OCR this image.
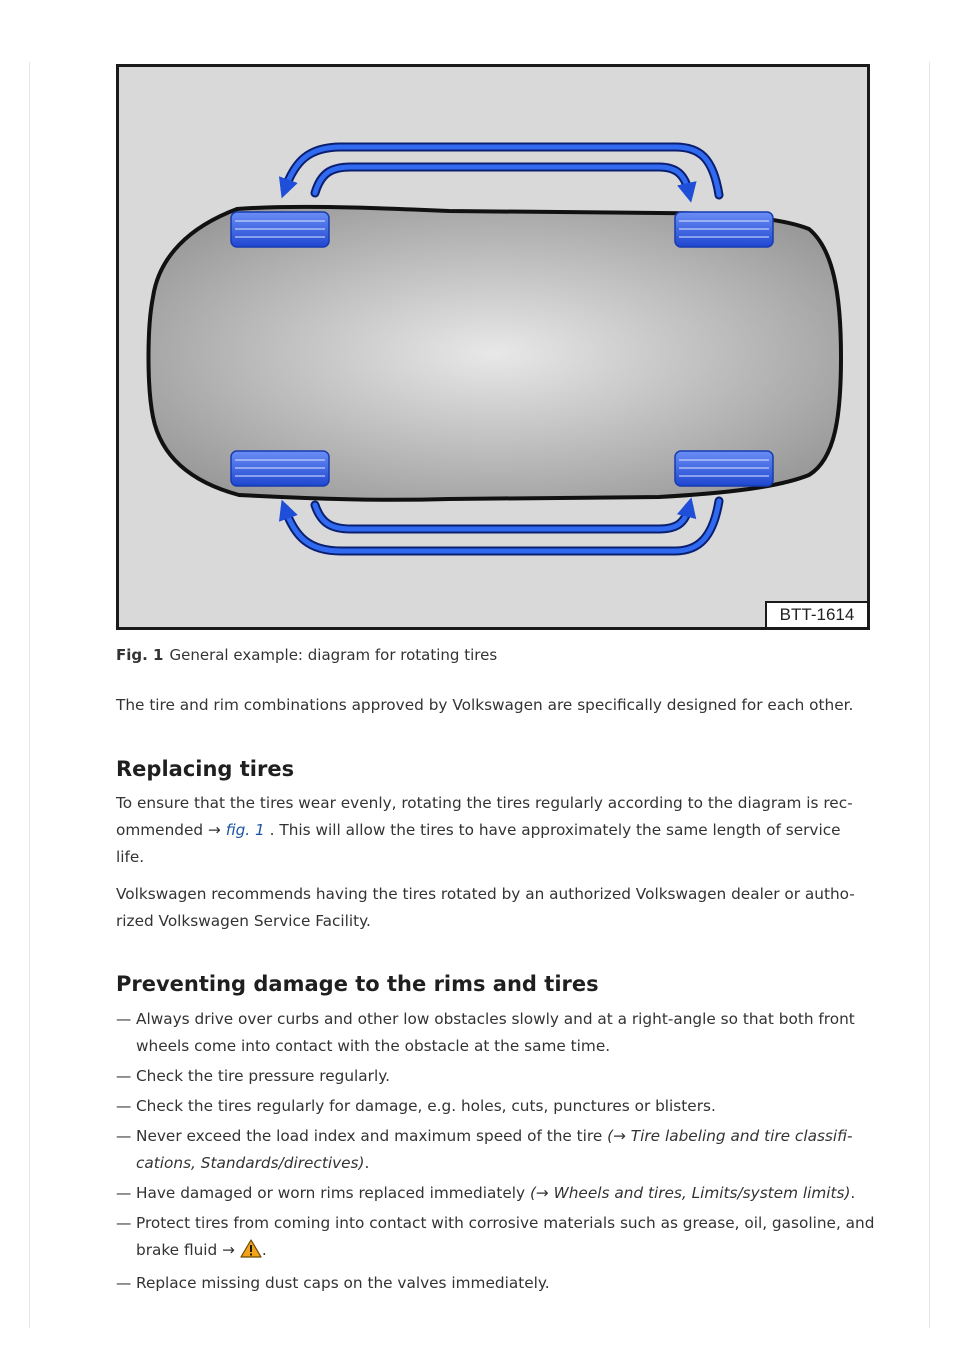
BTT-1614
Fig. 1 General example: diagram for rotating tires

The tire and rim combinations approved by Volkswagen are specifically designed for each other.

Replacing tires

To ensure that the tires wear evenly, rotating the tires regularly according to the diagram is rec-
ommended → fig. 1 . This will allow the tires to have approximately the same length of service
life.

Volkswagen recommends having the tires rotated by an authorized Volkswagen dealer or autho-
rized Volkswagen Service Facility.

Preventing damage to the rims and tires
— Always drive over curbs and other low obstacles slowly and at a right-angle so that both front wheels come into contact with the obstacle at the same time.
— Check the tire pressure regularly.
— Check the tires regularly for damage, e.g. holes, cuts, punctures or blisters.
— Never exceed the load index and maximum speed of the tire (→ Tire labeling and tire classifi- cations, Standards/directives).
— Have damaged or worn rims replaced immediately (→ Wheels and tires, Limits/system limits).
— Protect tires from coming into contact with corrosive materials such as grease, oil, gasoline, and brake fluid → .
— Replace missing dust caps on the valves immediately.
